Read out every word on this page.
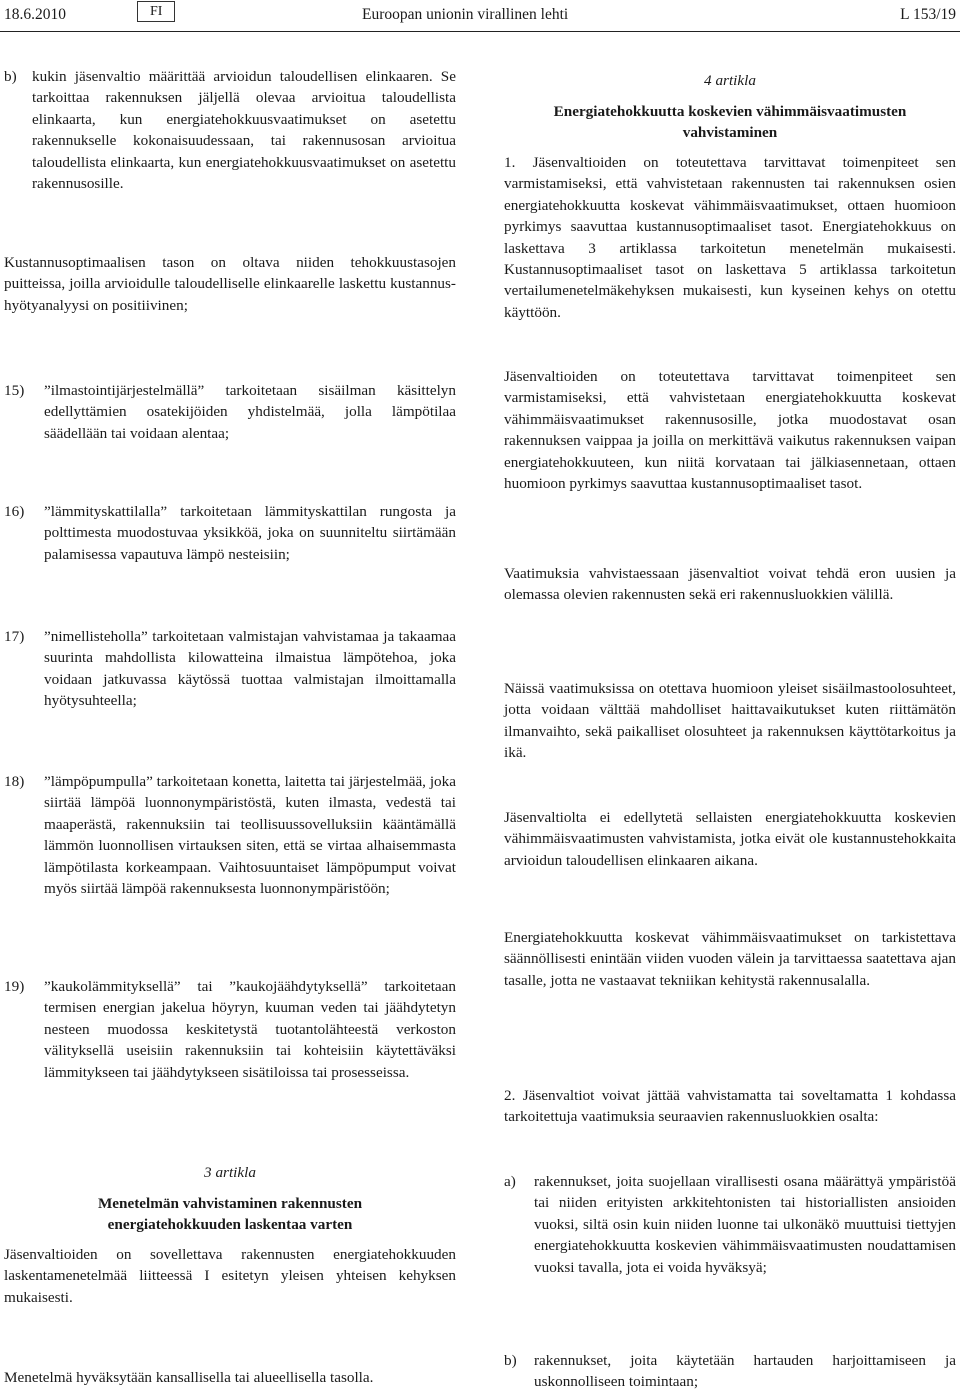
18.6.2010	FI	Euroopan unionin virallinen lehti	L 153/19
b)	kukin jäsenvaltio määrittää arvioidun taloudellisen elinkaaren. Se tarkoittaa rakennuksen jäljellä olevaa arvioitua taloudellista elinkaarta, kun energiatehokkuusvaatimukset on asetettu rakennukselle kokonaisuudessaan, tai rakennusosan arvioitua taloudellista elinkaarta, kun energiatehokkuusvaatimukset on asetettu rakennusosille.

Kustannusoptimaalisen tason on oltava niiden tehokkuustasojen puitteissa, joilla arvioidulle taloudelliselle elinkaarelle laskettu kustannus-hyötyanalyysi on positiivinen;

15)	”ilmastointijärjestelmällä” tarkoitetaan sisäilman käsittelyn edellyttämien osatekijöiden yhdistelmää, jolla lämpötilaa säädellään tai voidaan alentaa;
16)	”lämmityskattilalla” tarkoitetaan lämmityskattilan rungosta ja polttimesta muodostuvaa yksikköä, joka on suunniteltu siirtämään palamisessa vapautuva lämpö nesteisiin;
17)	”nimellisteholla” tarkoitetaan valmistajan vahvistamaa ja takaamaa suurinta mahdollista kilowatteina ilmaistua lämpötehoa, joka voidaan jatkuvassa käytössä tuottaa valmistajan ilmoittamalla hyötysuhteella;
18)	”lämpöpumpulla” tarkoitetaan konetta, laitetta tai järjestelmää, joka siirtää lämpöä luonnonympäristöstä, kuten ilmasta, vedestä tai maaperästä, rakennuksiin tai teollisuussovelluksiin kääntämällä lämmön luonnollisen virtauksen siten, että se virtaa alhaisemmasta lämpötilasta korkeampaan. Vaihtosuuntaiset lämpöpumput voivat myös siirtää lämpöä rakennuksesta luonnonympäristöön;
19)	”kaukolämmityksellä” tai ”kaukojäähdytyksellä” tarkoitetaan termisen energian jakelua höyryn, kuuman veden tai jäähdytetyn nesteen muodossa keskitetystä tuotantolähteestä verkoston välityksellä useisiin rakennuksiin tai kohteisiin käytettäväksi lämmitykseen tai jäähdytykseen sisätiloissa tai prosesseissa.
3 artikla
Menetelmän vahvistaminen rakennusten energiatehokkuuden laskentaa varten
Jäsenvaltioiden on sovellettava rakennusten energiatehokkuuden laskentamenetelmää liitteessä I esitetyn yleisen yhteisen kehyksen mukaisesti.
Menetelmä hyväksytään kansallisella tai alueellisella tasolla.
4 artikla
Energiatehokkuutta koskevien vähimmäisvaatimusten vahvistaminen
1. Jäsenvaltioiden on toteutettava tarvittavat toimenpiteet sen varmistamiseksi, että vahvistetaan rakennusten tai rakennuksen osien energiatehokkuutta koskevat vähimmäisvaatimukset, ottaen huomioon pyrkimys saavuttaa kustannusoptimaaliset tasot. Energiatehokkuus on laskettava 3 artiklassa tarkoitetun menetelmän mukaisesti. Kustannusoptimaaliset tasot on laskettava 5 artiklassa tarkoitetun vertailumenetelmäkehyksen mukaisesti, kun kyseinen kehys on otettu käyttöön.
Jäsenvaltioiden on toteutettava tarvittavat toimenpiteet sen varmistamiseksi, että vahvistetaan energiatehokkuutta koskevat vähimmäisvaatimukset rakennusosille, jotka muodostavat osan rakennuksen vaippaa ja joilla on merkittävä vaikutus rakennuksen vaipan energiatehokkuuteen, kun niitä korvataan tai jälkiasennetaan, ottaen huomioon pyrkimys saavuttaa kustannusoptimaaliset tasot.
Vaatimuksia vahvistaessaan jäsenvaltiot voivat tehdä eron uusien ja olemassa olevien rakennusten sekä eri rakennusluokkien välillä.
Näissä vaatimuksissa on otettava huomioon yleiset sisäilmastoolosuhteet, jotta voidaan välttää mahdolliset haittavaikutukset kuten riittämätön ilmanvaihto, sekä paikalliset olosuhteet ja rakennuksen käyttötarkoitus ja ikä.
Jäsenvaltiolta ei edellytetä sellaisten energiatehokkuutta koskevien vähimmäisvaatimusten vahvistamista, jotka eivät ole kustannustehokkaita arvioidun taloudellisen elinkaaren aikana.
Energiatehokkuutta koskevat vähimmäisvaatimukset on tarkistettava säännöllisesti enintään viiden vuoden välein ja tarvittaessa saatettava ajan tasalle, jotta ne vastaavat tekniikan kehitystä rakennusalalla.
2. Jäsenvaltiot voivat jättää vahvistamatta tai soveltamatta 1 kohdassa tarkoitettuja vaatimuksia seuraavien rakennusluokkien osalta:
a)	rakennukset, joita suojellaan virallisesti osana määrättyä ympäristöä tai niiden erityisten arkkitehtonisten tai historiallisten ansioiden vuoksi, siltä osin kuin niiden luonne tai ulkonäkö muuttuisi tiettyjen energiatehokkuutta koskevien vähimmäisvaatimusten noudattamisen vuoksi tavalla, jota ei voida hyväksyä;
b)	rakennukset, joita käytetään hartauden harjoittamiseen ja uskonnolliseen toimintaan;
